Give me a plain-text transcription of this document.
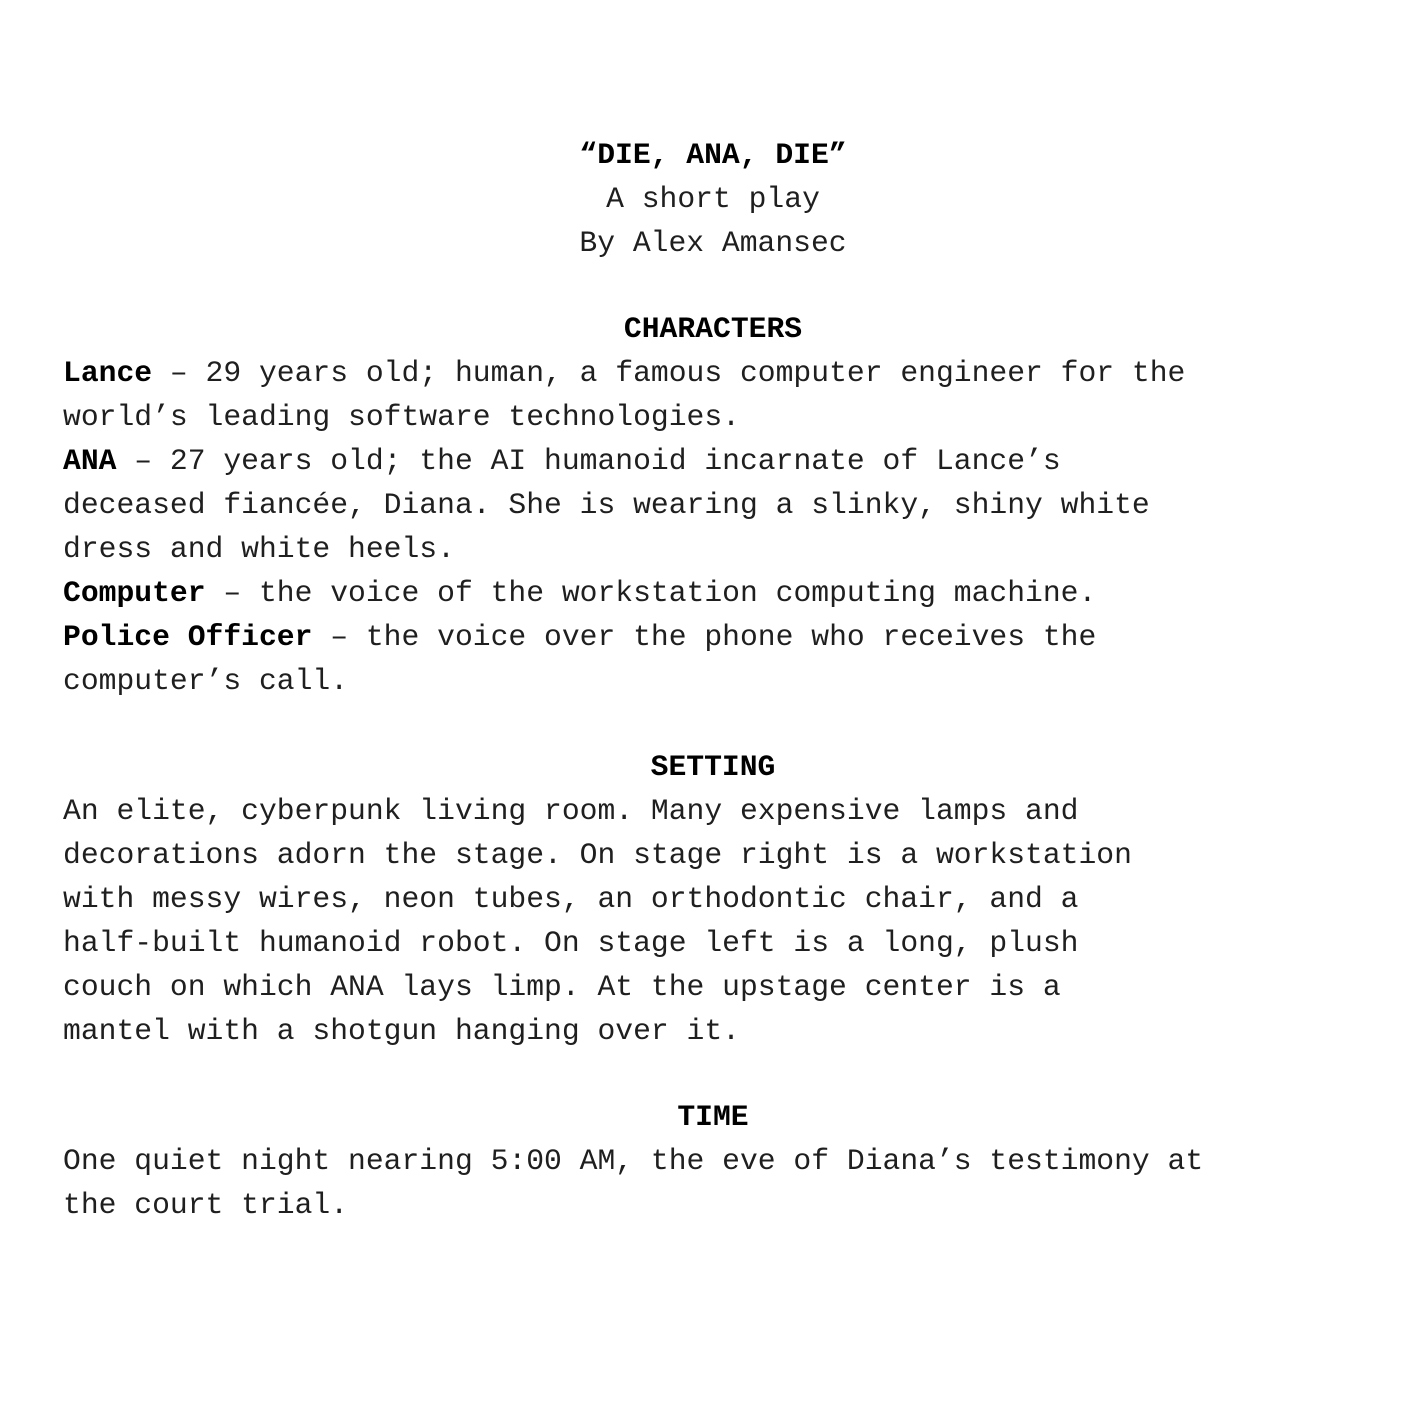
“DIE, ANA, DIE”
A short play
By Alex Amansec
CHARACTERS
Lance – 29 years old; human, a famous computer engineer for the
world’s leading software technologies.
ANA – 27 years old; the AI humanoid incarnate of Lance’s
deceased fiancée, Diana. She is wearing a slinky, shiny white
dress and white heels.
Computer – the voice of the workstation computing machine.
Police Officer – the voice over the phone who receives the
computer’s call.
SETTING
An elite, cyberpunk living room. Many expensive lamps and
decorations adorn the stage. On stage right is a workstation
with messy wires, neon tubes, an orthodontic chair, and a
half-built humanoid robot. On stage left is a long, plush
couch on which ANA lays limp. At the upstage center is a
mantel with a shotgun hanging over it.
TIME
One quiet night nearing 5:00 AM, the eve of Diana’s testimony at
the court trial.
